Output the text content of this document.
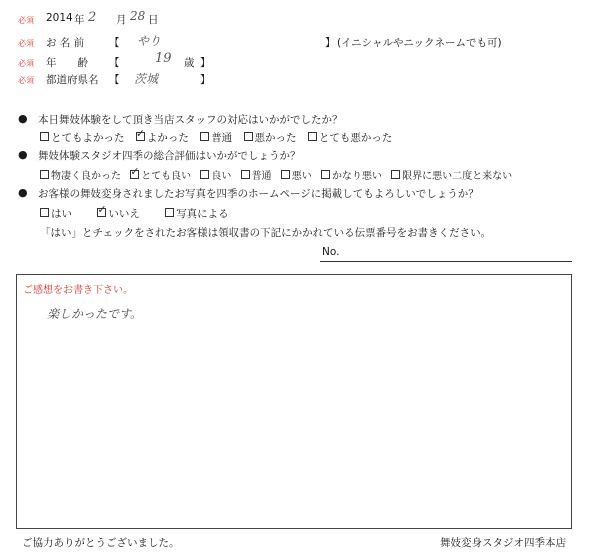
必須 2014 年 2 月 28 日
必須 お 名 前 【 やり	】 (イニシャルやニックネームでも可)
必須 年　　齢 【	19 歳 】
必須 都道府県名 【 茨城	】
● 本日舞妓体験をして頂き当店スタッフの対応はいかがでしたか？
とてもよかった ✓ よかった 普通 悪かった とても悪かった
● 舞妓体験スタジオ四季の総合評価はいかがでしょうか？
物凄く良かった ✓ とても良い 良い 普通 悪い かなり悪い 限界に悪い二度と来ない
● お客様の舞妓変身されましたお写真を四季のホームページに掲載してもよろしいでしょうか？
はい ✓	いいえ	写真による
「はい」とチェックをされたお客様は領収書の下記にかかれている伝票番号をお書きください。
No.
ご感想をお書き下さい。
楽しかったです。
ご協力ありがとうございました。	舞妓変身スタジオ四季本店
